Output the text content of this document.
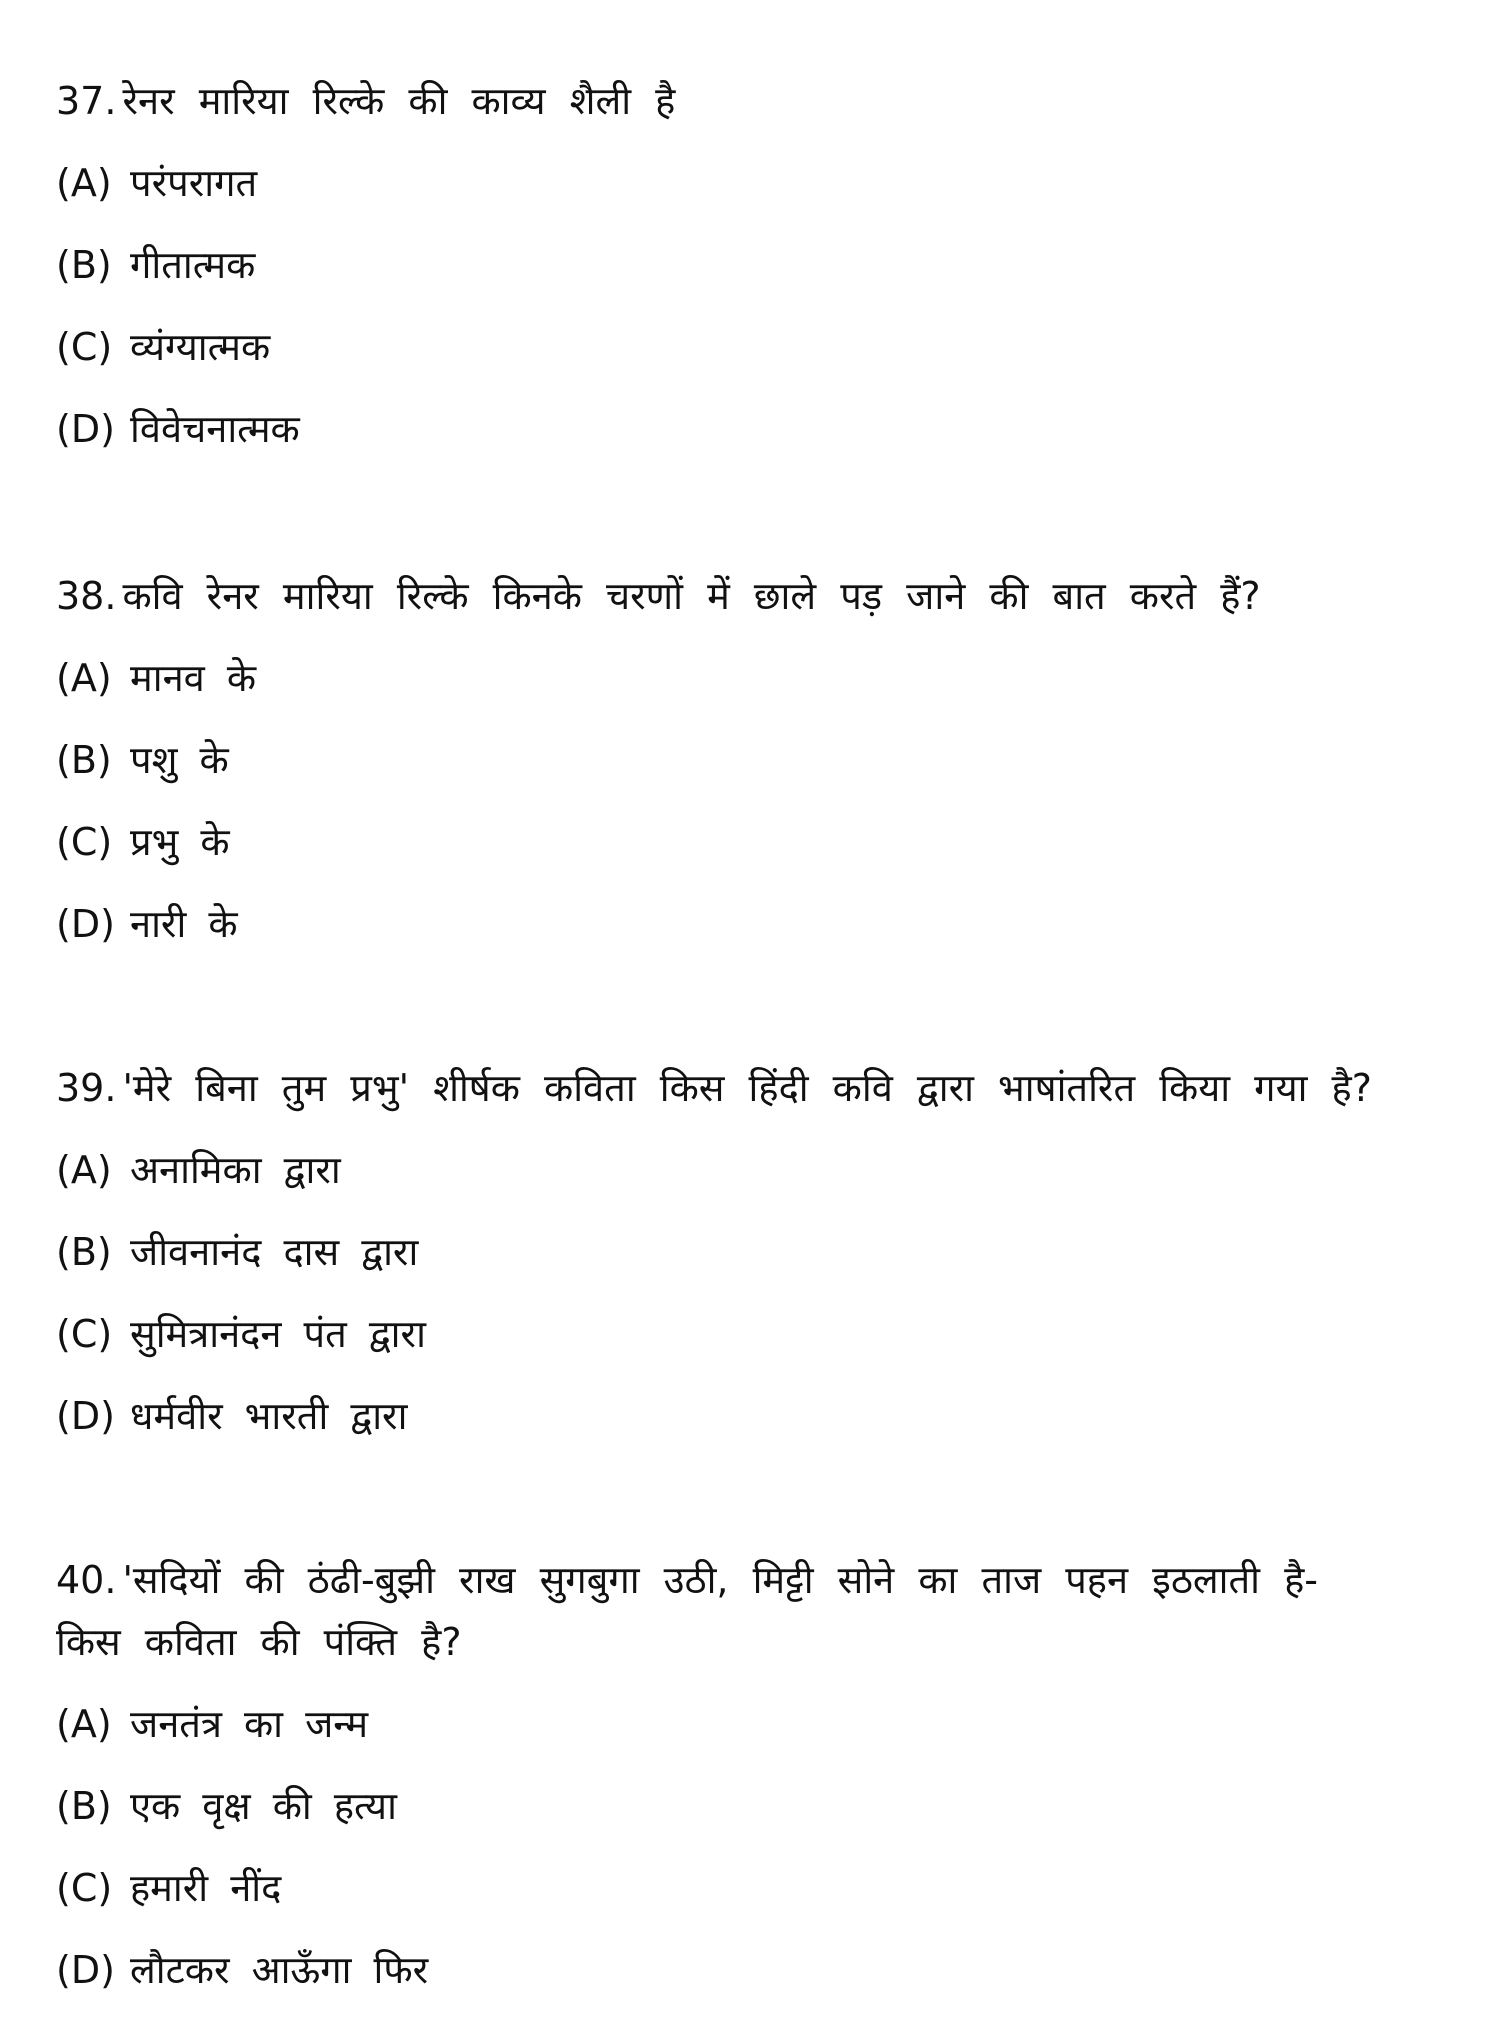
37. रेनर मारिया रिल्के की काव्य शैली है
(A) परंपरागत
(B) गीतात्मक
(C) व्यंग्यात्मक
(D) विवेचनात्मक
38. कवि रेनर मारिया रिल्के किनके चरणों में छाले पड़ जाने की बात करते हैं?
(A) मानव के
(B) पशु के
(C) प्रभु के
(D) नारी के
39. 'मेरे बिना तुम प्रभु' शीर्षक कविता किस हिंदी कवि द्वारा भाषांतरित किया गया है?
(A) अनामिका द्वारा
(B) जीवनानंद दास द्वारा
(C) सुमित्रानंदन पंत द्वारा
(D) धर्मवीर भारती द्वारा
40. 'सदियों की ठंढी-बुझी राख सुगबुगा उठी, मिट्टी सोने का ताज पहन इठलाती है-
किस कविता की पंक्ति है?
(A) जनतंत्र का जन्म
(B) एक वृक्ष की हत्या
(C) हमारी नींद
(D) लौटकर आऊँगा फिर
